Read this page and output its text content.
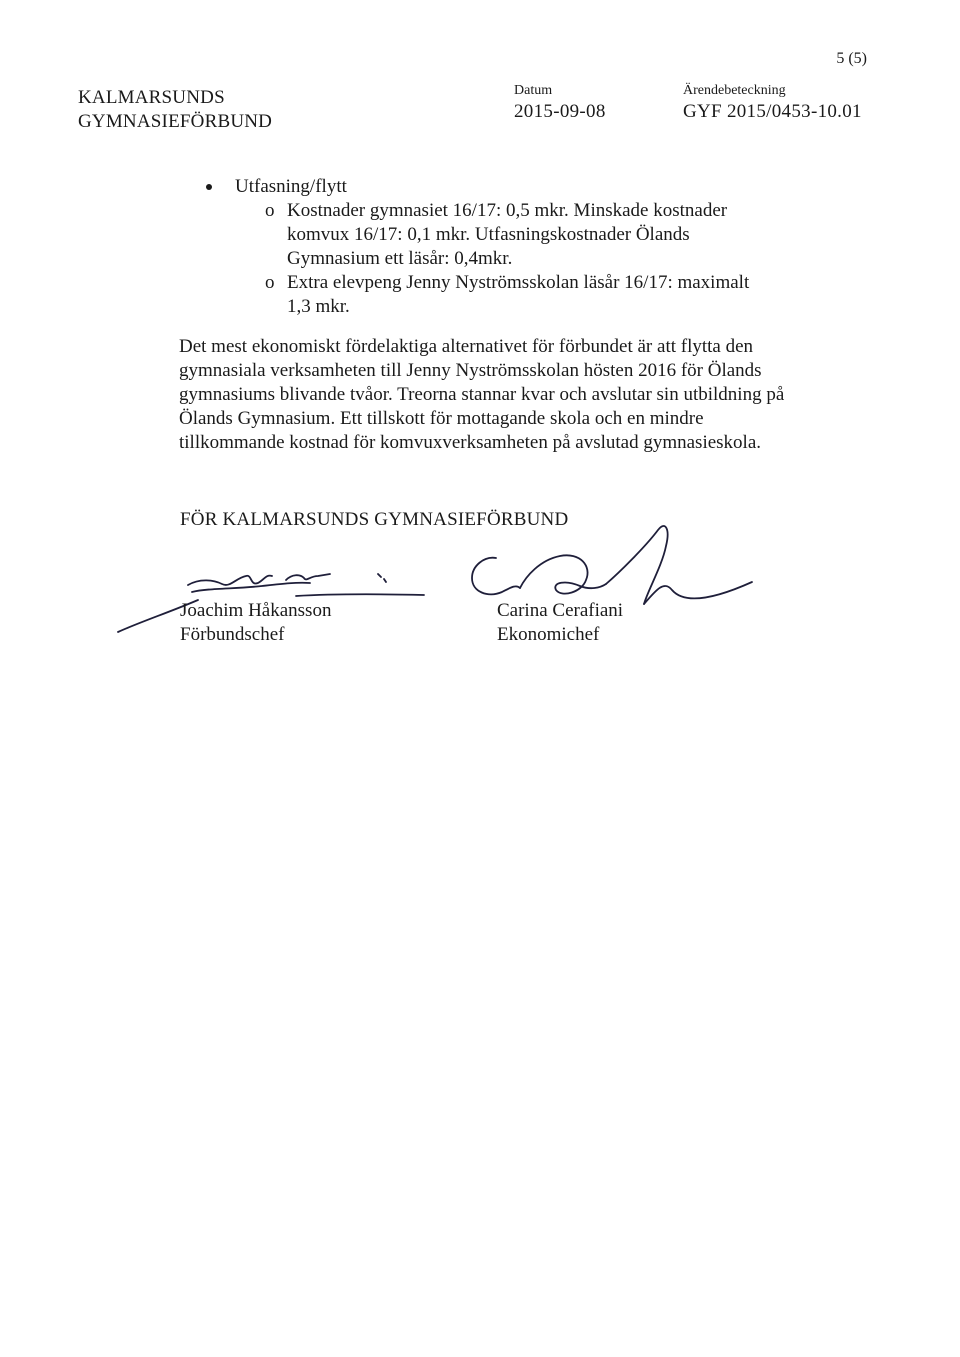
5 (5)
KALMARSUNDS
GYMNASIEFÖRBUND
Datum
2015-09-08
Ärendebeteckning
GYF 2015/0453-10.01
Utfasning/flytt
o Kostnader gymnasiet 16/17: 0,5 mkr. Minskade kostnader komvux 16/17: 0,1 mkr. Utfasningskostnader Ölands Gymnasium ett läsår: 0,4mkr.
o Extra elevpeng Jenny Nyströmsskolan läsår 16/17: maximalt 1,3 mkr.
Det mest ekonomiskt fördelaktiga alternativet för förbundet är att flytta den gymnasiala verksamheten till Jenny Nyströmsskolan hösten 2016 för Ölands gymnasiums blivande tvåor. Treorna stannar kvar och avslutar sin utbildning på Ölands Gymnasium. Ett tillskott för mottagande skola och en mindre tillkommande kostnad för komvuxverksamheten på avslutad gymnasieskola.
FÖR KALMARSUNDS GYMNASIEFÖRBUND
Joachim Håkansson
Förbundschef
Carina Cerafiani
Ekonomichef
